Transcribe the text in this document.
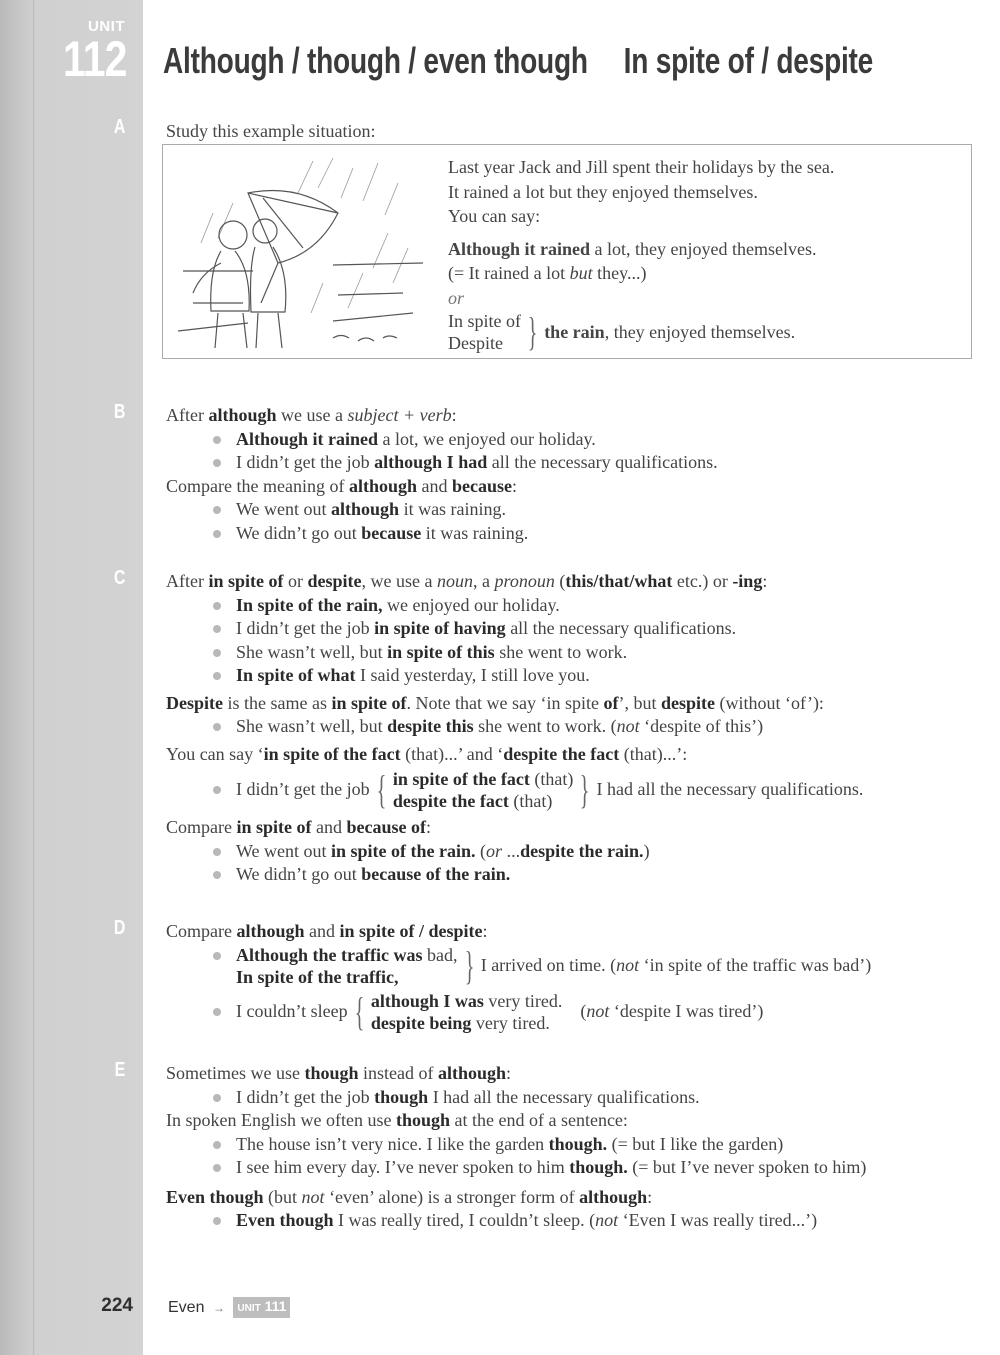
UNIT
112
A
B
C
D
E
224
Although / though / even though In spite of / despite
Study this example situation:
Last year Jack and Jill spent their holidays by the sea.
It rained a lot but they enjoyed themselves.
You can say:
Although it rained a lot, they enjoyed themselves.
(= It rained a lot but they...)
or
In spite of
Despite } the rain, they enjoyed themselves.
After although we use a subject + verb:
Although it rained a lot, we enjoyed our holiday.
I didn’t get the job although I had all the necessary qualifications.
Compare the meaning of although and because:
We went out although it was raining.
We didn’t go out because it was raining.
After in spite of or despite, we use a noun, a pronoun (this/that/what etc.) or -ing:
In spite of the rain, we enjoyed our holiday.
I didn’t get the job in spite of having all the necessary qualifications.
She wasn’t well, but in spite of this she went to work.
In spite of what I said yesterday, I still love you.
Despite is the same as in spite of. Note that we say ‘in spite of’, but despite (without ‘of’):
She wasn’t well, but despite this she went to work. (not ‘despite of this’)
You can say ‘in spite of the fact (that)...’ and ‘despite the fact (that)...’:
I didn’t get the job { in spite of the fact (that)
despite the fact (that) } I had all the necessary qualifications.
Compare in spite of and because of:
We went out in spite of the rain. (or ...despite the rain.)
We didn’t go out because of the rain.
Compare although and in spite of / despite:
Although the traffic was bad,
In spite of the traffic,	} I arrived on time. (not ‘in spite of the traffic was bad’)
I couldn’t sleep { although I was very tired.
despite being very tired.
(not ‘despite I was tired’)
Sometimes we use though instead of although:
I didn’t get the job though I had all the necessary qualifications.
In spoken English we often use though at the end of a sentence:
The house isn’t very nice. I like the garden though. (= but I like the garden)
I see him every day. I’ve never spoken to him though. (= but I’ve never spoken to him)
Even though (but not ‘even’ alone) is a stronger form of although:
Even though I was really tired, I couldn’t sleep. (not ‘Even I was really tired...’)
Even → UNIT 111
